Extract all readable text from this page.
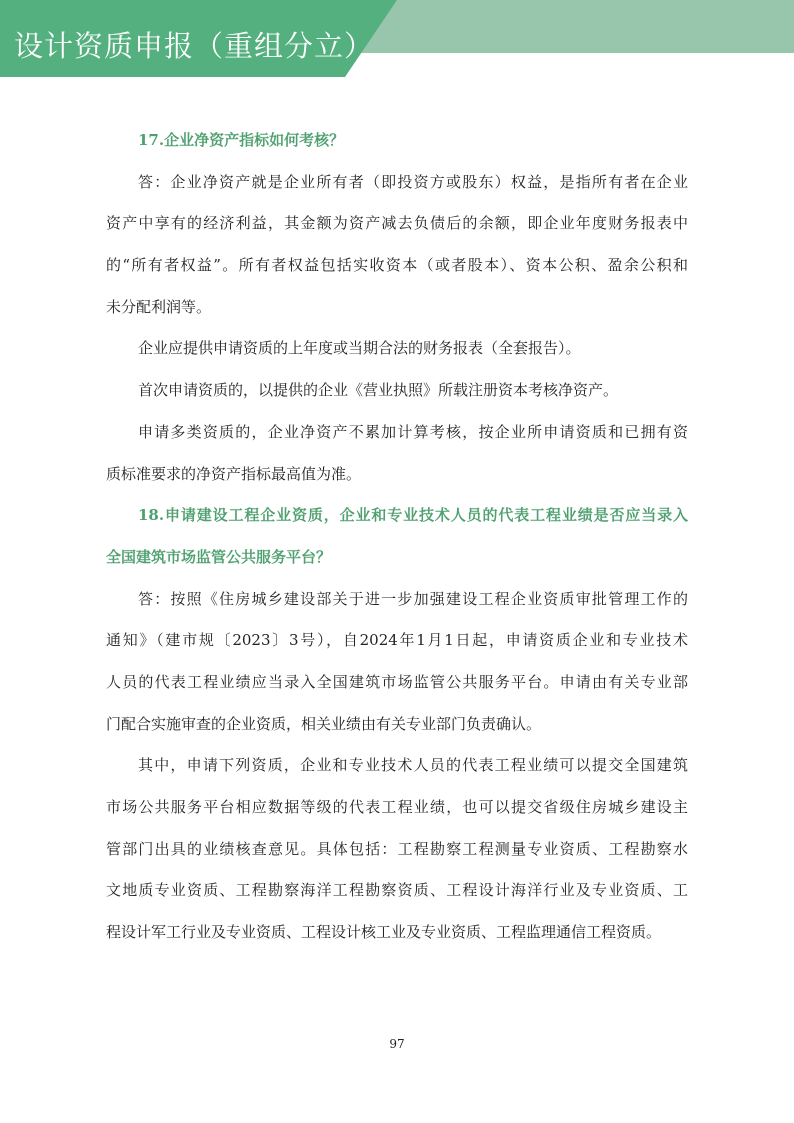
设计资质申报（重组分立）
17.企业净资产指标如何考核？
答：企业净资产就是企业所有者（即投资方或股东）权益，是指所有者在企业
资产中享有的经济利益，其金额为资产减去负债后的余额，即企业年度财务报表中
的“所有者权益”。所有者权益包括实收资本（或者股本）、资本公积、盈余公积和
未分配利润等。
企业应提供申请资质的上年度或当期合法的财务报表（全套报告）。
首次申请资质的，以提供的企业《营业执照》所载注册资本考核净资产。
申请多类资质的，企业净资产不累加计算考核，按企业所申请资质和已拥有资
质标准要求的净资产指标最高值为准。
18.申请建设工程企业资质，企业和专业技术人员的代表工程业绩是否应当录入
全国建筑市场监管公共服务平台？
答：按照《住房城乡建设部关于进一步加强建设工程企业资质审批管理工作的
通知》（建市规〔2023〕3号），自2024年1月1日起，申请资质企业和专业技术
人员的代表工程业绩应当录入全国建筑市场监管公共服务平台。申请由有关专业部
门配合实施审查的企业资质，相关业绩由有关专业部门负责确认。
其中，申请下列资质，企业和专业技术人员的代表工程业绩可以提交全国建筑
市场公共服务平台相应数据等级的代表工程业绩，也可以提交省级住房城乡建设主
管部门出具的业绩核查意见。具体包括：工程勘察工程测量专业资质、工程勘察水
文地质专业资质、工程勘察海洋工程勘察资质、工程设计海洋行业及专业资质、工
程设计军工行业及专业资质、工程设计核工业及专业资质、工程监理通信工程资质。
97
